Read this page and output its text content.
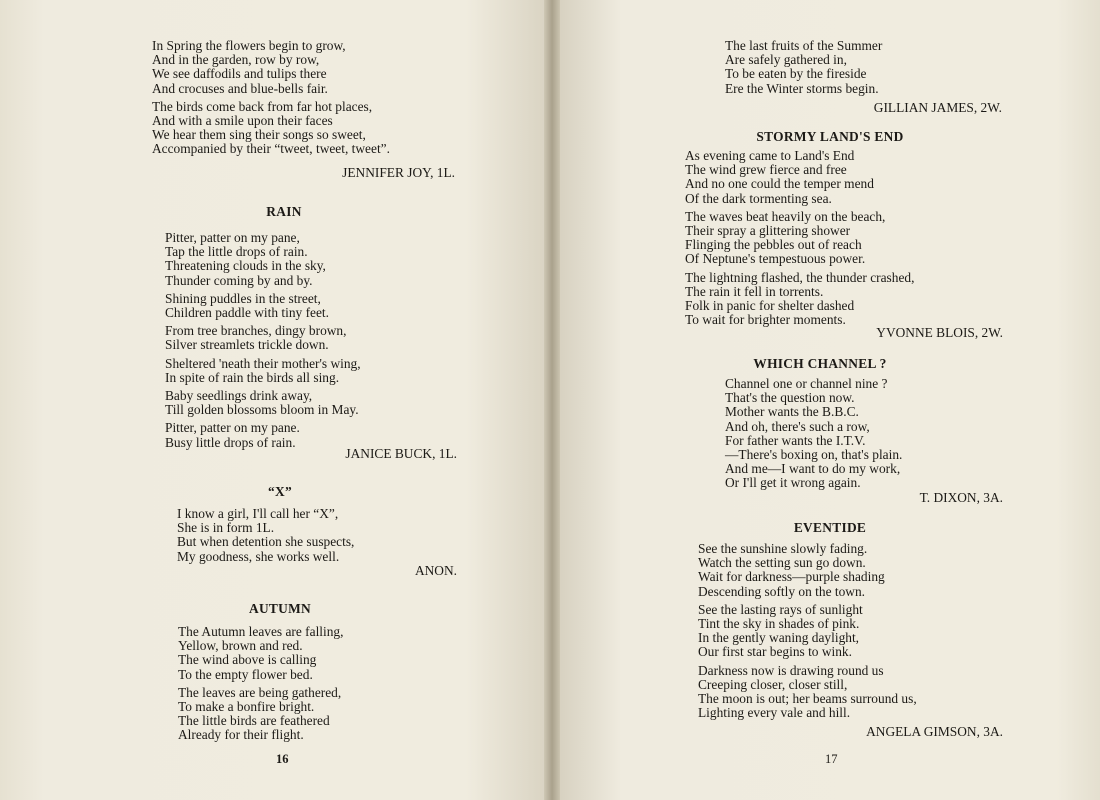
In Spring the flowers begin to grow,
And in the garden, row by row,
We see daffodils and tulips there
And crocuses and blue-bells fair.
The birds come back from far hot places,
And with a smile upon their faces
We hear them sing their songs so sweet,
Accompanied by their “tweet, tweet, tweet”.
JENNIFER JOY, 1L.
RAIN
Pitter, patter on my pane,
Tap the little drops of rain.
Threatening clouds in the sky,
Thunder coming by and by.
Shining puddles in the street,
Children paddle with tiny feet.
From tree branches, dingy brown,
Silver streamlets trickle down.
Sheltered 'neath their mother's wing,
In spite of rain the birds all sing.
Baby seedlings drink away,
Till golden blossoms bloom in May.
Pitter, patter on my pane.
Busy little drops of rain.
JANICE BUCK, 1L.
“X”
I know a girl, I'll call her “X”,
She is in form 1L.
But when detention she suspects,
My goodness, she works well.
ANON.
AUTUMN
The Autumn leaves are falling,
Yellow, brown and red.
The wind above is calling
To the empty flower bed.
The leaves are being gathered,
To make a bonfire bright.
The little birds are feathered
Already for their flight.
16
The last fruits of the Summer
Are safely gathered in,
To be eaten by the fireside
Ere the Winter storms begin.
GILLIAN JAMES, 2W.
STORMY LAND'S END
As evening came to Land's End
The wind grew fierce and free
And no one could the temper mend
Of the dark tormenting sea.
The waves beat heavily on the beach,
Their spray a glittering shower
Flinging the pebbles out of reach
Of Neptune's tempestuous power.
The lightning flashed, the thunder crashed,
The rain it fell in torrents.
Folk in panic for shelter dashed
To wait for brighter moments.
YVONNE BLOIS, 2W.
WHICH CHANNEL ?
Channel one or channel nine ?
That's the question now.
Mother wants the B.B.C.
And oh, there's such a row,
For father wants the I.T.V.
—There's boxing on, that's plain.
And me—I want to do my work,
Or I'll get it wrong again.
T. DIXON, 3A.
EVENTIDE
See the sunshine slowly fading.
Watch the setting sun go down.
Wait for darkness—purple shading
Descending softly on the town.
See the lasting rays of sunlight
Tint the sky in shades of pink.
In the gently waning daylight,
Our first star begins to wink.
Darkness now is drawing round us
Creeping closer, closer still,
The moon is out; her beams surround us,
Lighting every vale and hill.
ANGELA GIMSON, 3A.
17
